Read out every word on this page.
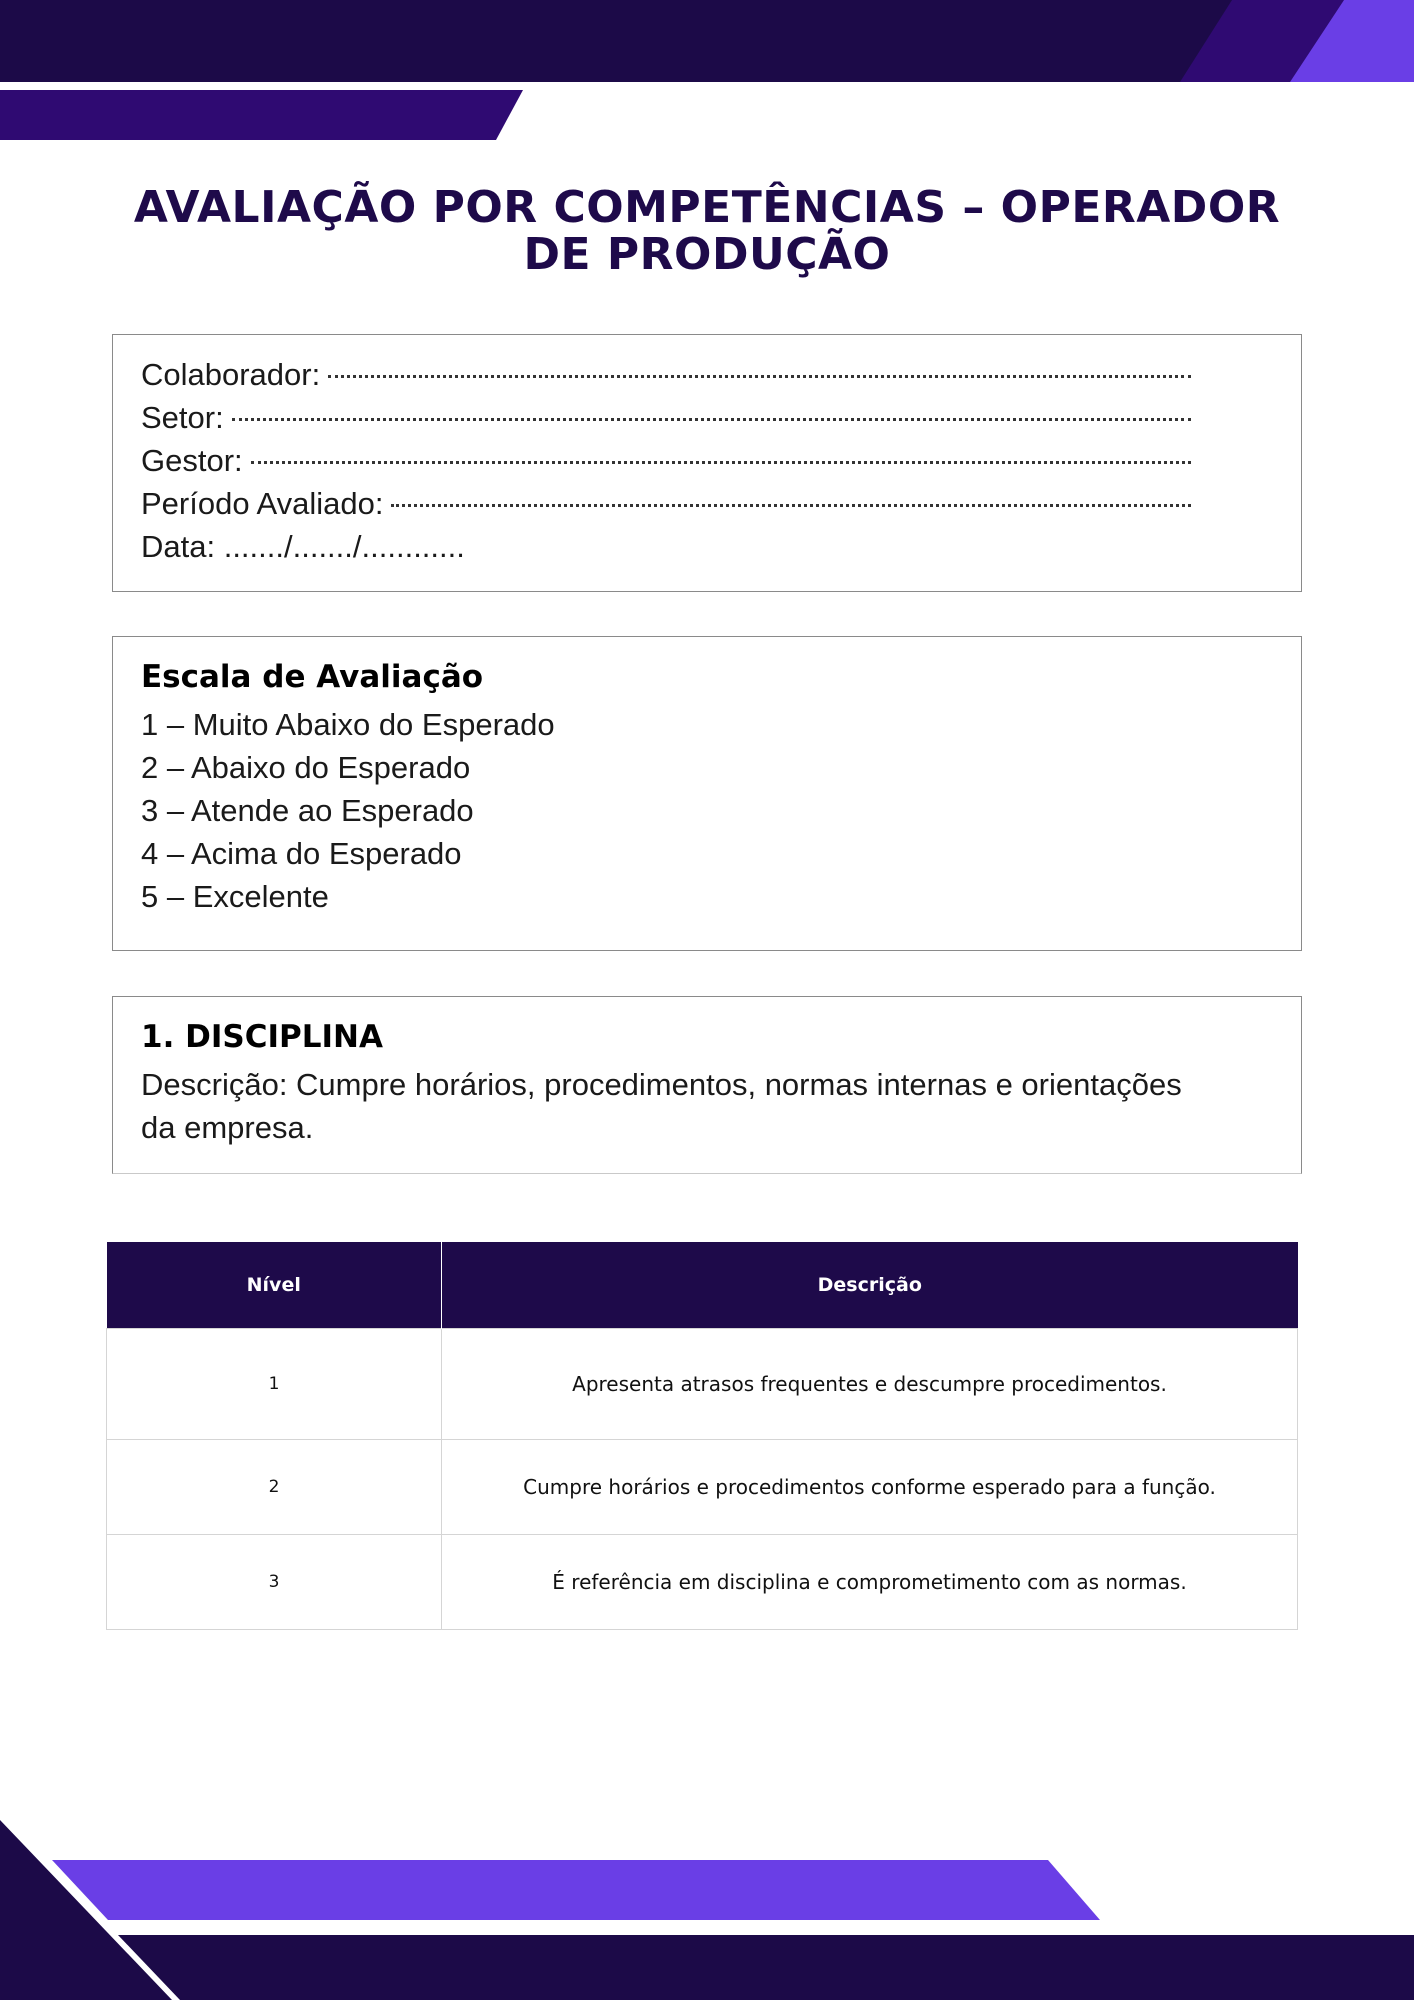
AVALIAÇÃO POR COMPETÊNCIAS – OPERADOR DE PRODUÇÃO
Colaborador:
Setor:
Gestor:
Período Avaliado:
Data: ......./......./............
Escala de Avaliação
1 – Muito Abaixo do Esperado
2 – Abaixo do Esperado
3 – Atende ao Esperado
4 – Acima do Esperado
5 – Excelente
1. DISCIPLINA
Descrição: Cumpre horários, procedimentos, normas internas e orientações da empresa.
Nível	Descrição
1	Apresenta atrasos frequentes e descumpre procedimentos.
2	Cumpre horários e procedimentos conforme esperado para a função.
3	É referência em disciplina e comprometimento com as normas.
